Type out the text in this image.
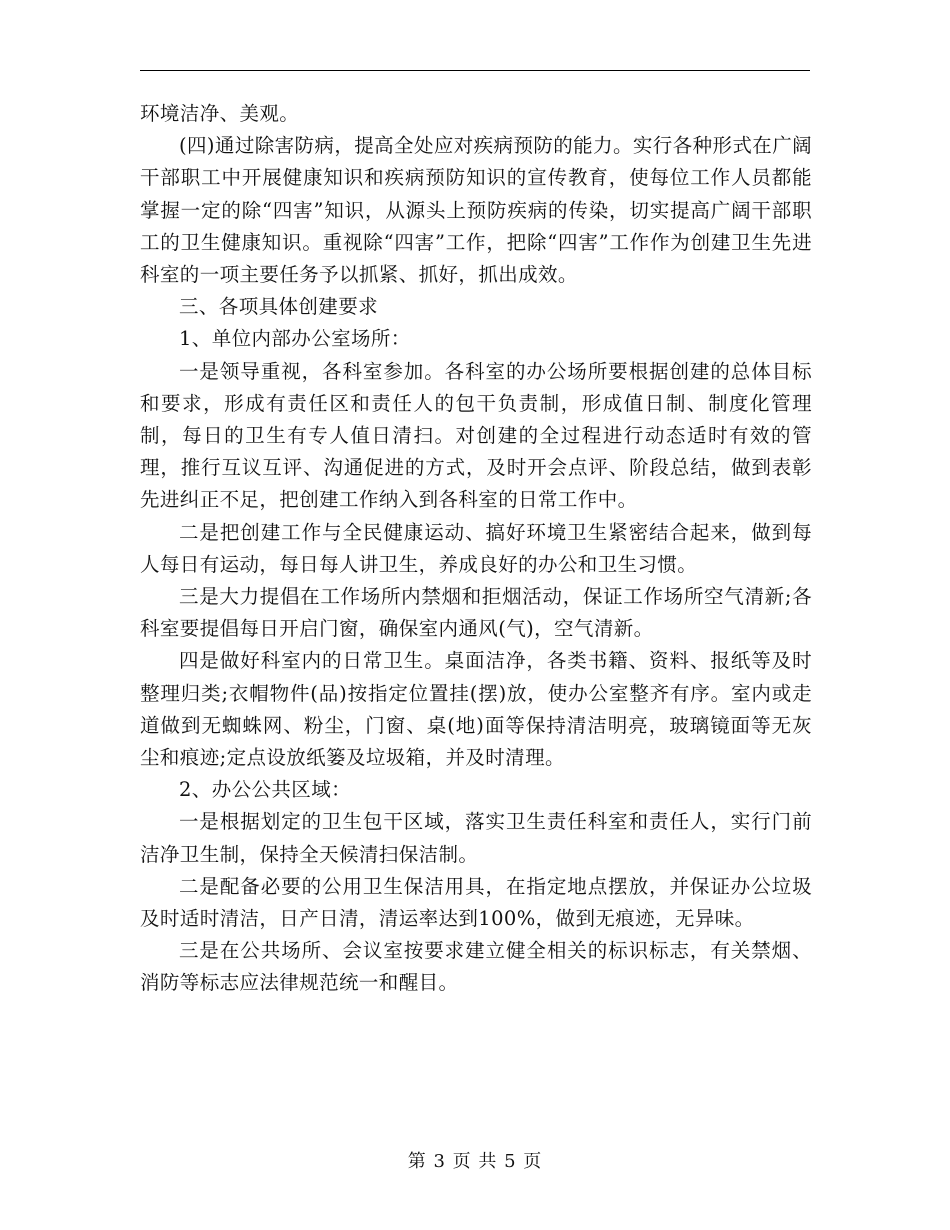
环境洁净、美观。

(四)通过除害防病，提高全处应对疾病预防的能力。实行各种形式在广阔干部职工中开展健康知识和疾病预防知识的宣传教育，使每位工作人员都能掌握一定的除“四害”知识，从源头上预防疾病的传染，切实提高广阔干部职工的卫生健康知识。重视除“四害”工作，把除“四害”工作作为创建卫生先进科室的一项主要任务予以抓紧、抓好，抓出成效。

三、各项具体创建要求

1、单位内部办公室场所：

一是领导重视，各科室参加。各科室的办公场所要根据创建的总体目标和要求，形成有责任区和责任人的包干负责制，形成值日制、制度化管理制，每日的卫生有专人值日清扫。对创建的全过程进行动态适时有效的管理，推行互议互评、沟通促进的方式，及时开会点评、阶段总结，做到表彰先进纠正不足，把创建工作纳入到各科室的日常工作中。

二是把创建工作与全民健康运动、搞好环境卫生紧密结合起来，做到每人每日有运动，每日每人讲卫生，养成良好的办公和卫生习惯。

三是大力提倡在工作场所内禁烟和拒烟活动，保证工作场所空气清新;各科室要提倡每日开启门窗，确保室内通风(气)，空气清新。

四是做好科室内的日常卫生。桌面洁净，各类书籍、资料、报纸等及时整理归类;衣帽物件(品)按指定位置挂(摆)放，使办公室整齐有序。室内或走道做到无蜘蛛网、粉尘，门窗、桌(地)面等保持清洁明亮，玻璃镜面等无灰尘和痕迹;定点设放纸篓及垃圾箱，并及时清理。

2、办公公共区域：

一是根据划定的卫生包干区域，落实卫生责任科室和责任人，实行门前洁净卫生制，保持全天候清扫保洁制。

二是配备必要的公用卫生保洁用具，在指定地点摆放，并保证办公垃圾及时适时清洁，日产日清，清运率达到100%，做到无痕迹，无异味。

三是在公共场所、会议室按要求建立健全相关的标识标志，有关禁烟、消防等标志应法律规范统一和醒目。

第 3 页 共 5 页
